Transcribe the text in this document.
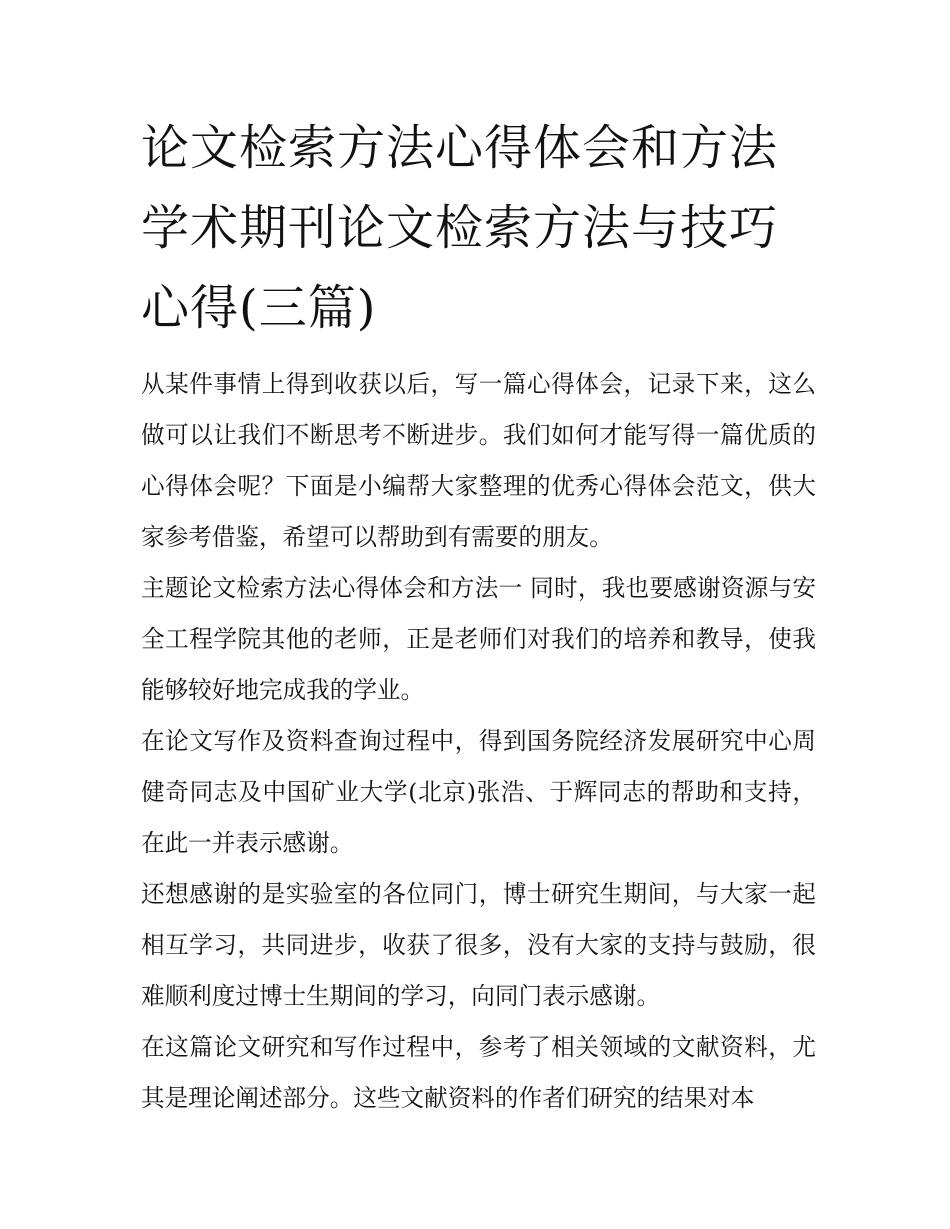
论文检索方法心得体会和方法学术期刊论文检索方法与技巧心得(三篇)

从某件事情上得到收获以后，写一篇心得体会，记录下来，这么做可以让我们不断思考不断进步。我们如何才能写得一篇优质的心得体会呢？下面是小编帮大家整理的优秀心得体会范文，供大家参考借鉴，希望可以帮助到有需要的朋友。

主题论文检索方法心得体会和方法一 同时，我也要感谢资源与安全工程学院其他的老师，正是老师们对我们的培养和教导，使我能够较好地完成我的学业。

在论文写作及资料查询过程中，得到国务院经济发展研究中心周健奇同志及中国矿业大学(北京)张浩、于辉同志的帮助和支持，在此一并表示感谢。

还想感谢的是实验室的各位同门，博士研究生期间，与大家一起相互学习，共同进步，收获了很多，没有大家的支持与鼓励，很难顺利度过博士生期间的学习，向同门表示感谢。

在这篇论文研究和写作过程中，参考了相关领域的文献资料，尤其是理论阐述部分。这些文献资料的作者们研究的结果对本
